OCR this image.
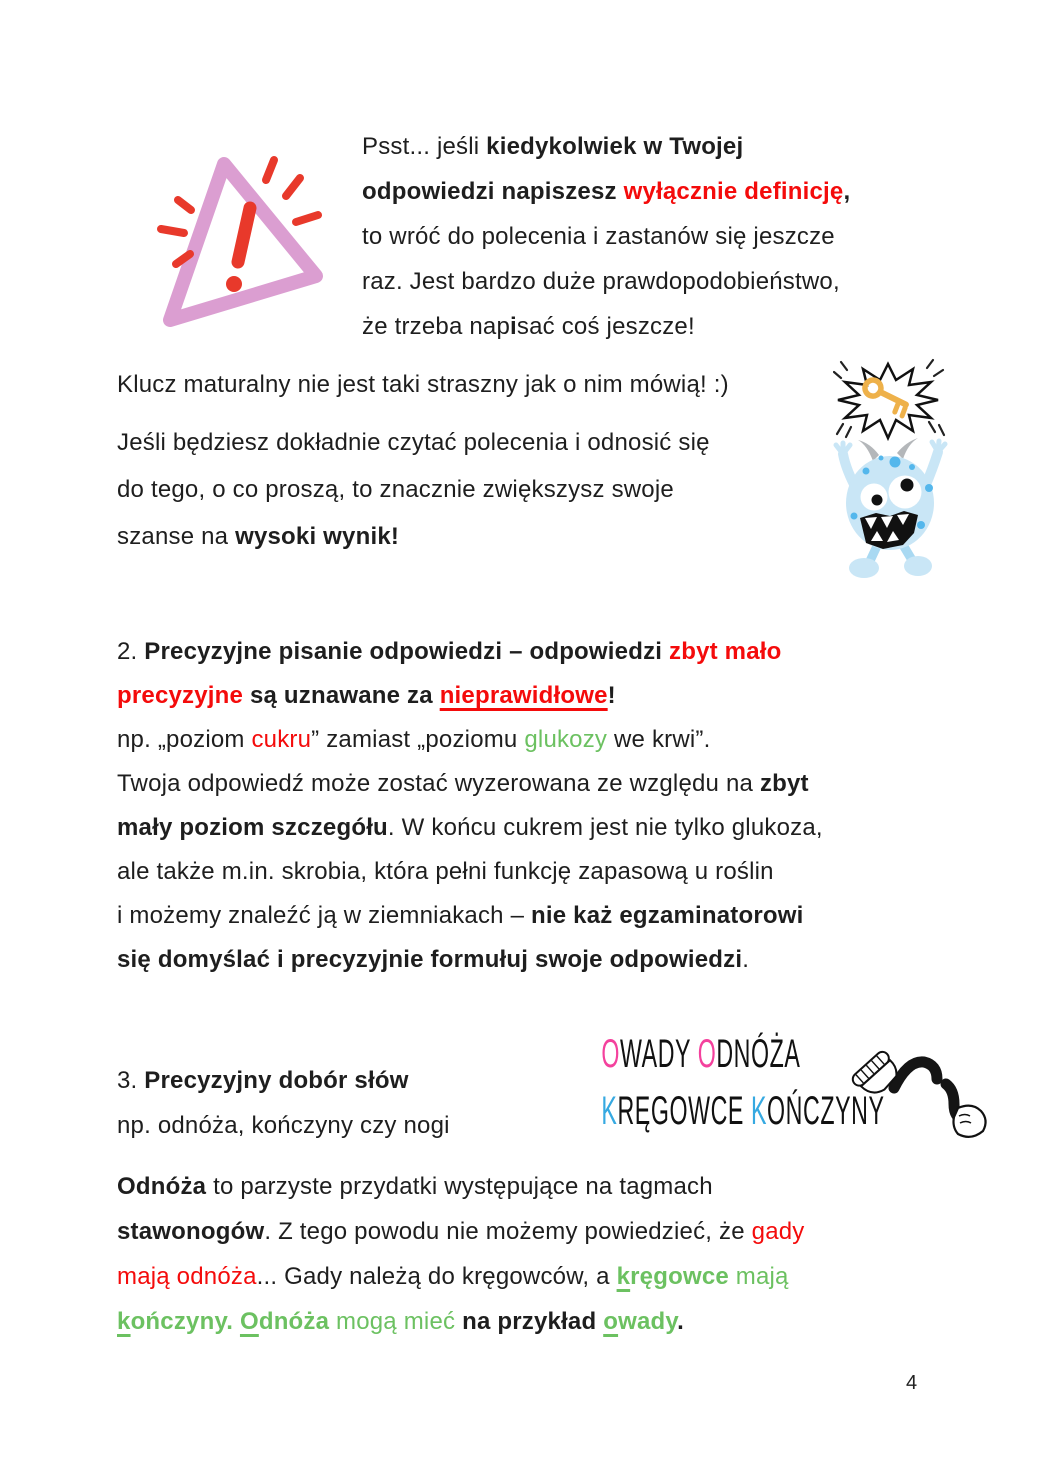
Psst... jeśli kiedykolwiek w Twojej
odpowiedzi napiszesz wyłącznie definicję,
to wróć do polecenia i zastanów się jeszcze
raz. Jest bardzo duże prawdopodobieństwo,
że trzeba napisać coś jeszcze!
Klucz maturalny nie jest taki straszny jak o nim mówią! :)
Jeśli będziesz dokładnie czytać polecenia i odnosić się
do tego, o co proszą, to znacznie zwiększysz swoje
szanse na wysoki wynik!
2. Precyzyjne pisanie odpowiedzi – odpowiedzi zbyt mało
precyzyjne są uznawane za nieprawidłowe!
np. „poziom cukru” zamiast „poziomu glukozy we krwi”.
Twoja odpowiedź może zostać wyzerowana ze względu na zbyt
mały poziom szczegółu. W końcu cukrem jest nie tylko glukoza,
ale także m.in. skrobia, która pełni funkcję zapasową u roślin
i możemy znaleźć ją w ziemniakach – nie każ egzaminatorowi
się domyślać i precyzyjnie formułuj swoje odpowiedzi.
3. Precyzyjny dobór słów
np. odnóża, kończyny czy nogi
OWADY ODNÓŻA
KRĘGOWCE KOŃCZYNY
Odnóża to parzyste przydatki występujące na tagmach
stawonogów. Z tego powodu nie możemy powiedzieć, że gady
mają odnóża... Gady należą do kręgowców, a kręgowce mają
kończyny. Odnóża mogą mieć na przykład owady.
4
